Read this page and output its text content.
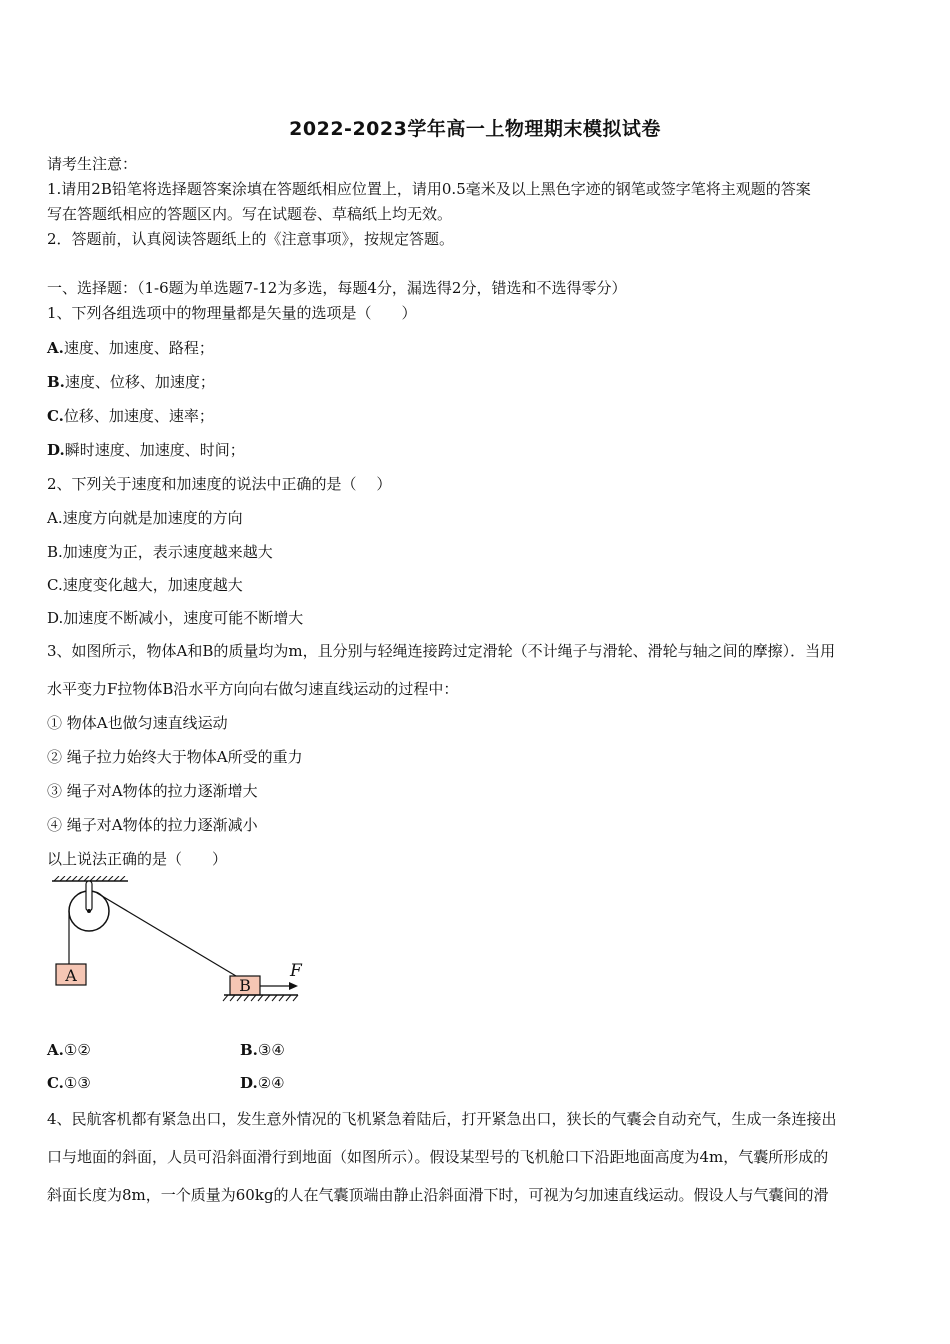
2022-2023学年高一上物理期末模拟试卷
请考生注意：
1.请用2B铅笔将选择题答案涂填在答题纸相应位置上，请用0.5毫米及以上黑色字迹的钢笔或签字笔将主观题的答案
写在答题纸相应的答题区内。写在试题卷、草稿纸上均无效。
2．答题前，认真阅读答题纸上的《注意事项》，按规定答题。
一、选择题：（1-6题为单选题7-12为多选，每题4分，漏选得2分，错选和不选得零分）
1、下列各组选项中的物理量都是矢量的选项是（　　）
A.速度、加速度、路程；
B.速度、位移、加速度；
C.位移、加速度、速率；
D.瞬时速度、加速度、时间；
2、下列关于速度和加速度的说法中正确的是（　 ）
A.速度方向就是加速度的方向
B.加速度为正，表示速度越来越大
C.速度变化越大，加速度越大
D.加速度不断减小，速度可能不断增大
3、如图所示，物体A和B的质量均为m，且分别与轻绳连接跨过定滑轮（不计绳子与滑轮、滑轮与轴之间的摩擦）．当用
水平变力F拉物体B沿水平方向向右做匀速直线运动的过程中：
① 物体A也做匀速直线运动
② 绳子拉力始终大于物体A所受的重力
③ 绳子对A物体的拉力逐渐增大
④ 绳子对A物体的拉力逐渐减小
以上说法正确的是（　　）
A
B
F
A.①②	B.③④
C.①③	D.②④
4、民航客机都有紧急出口，发生意外情况的飞机紧急着陆后，打开紧急出口，狭长的气囊会自动充气，生成一条连接出
口与地面的斜面，人员可沿斜面滑行到地面（如图所示）。假设某型号的飞机舱口下沿距地面高度为4m，气囊所形成的
斜面长度为8m，一个质量为60kg的人在气囊顶端由静止沿斜面滑下时，可视为匀加速直线运动。假设人与气囊间的滑
